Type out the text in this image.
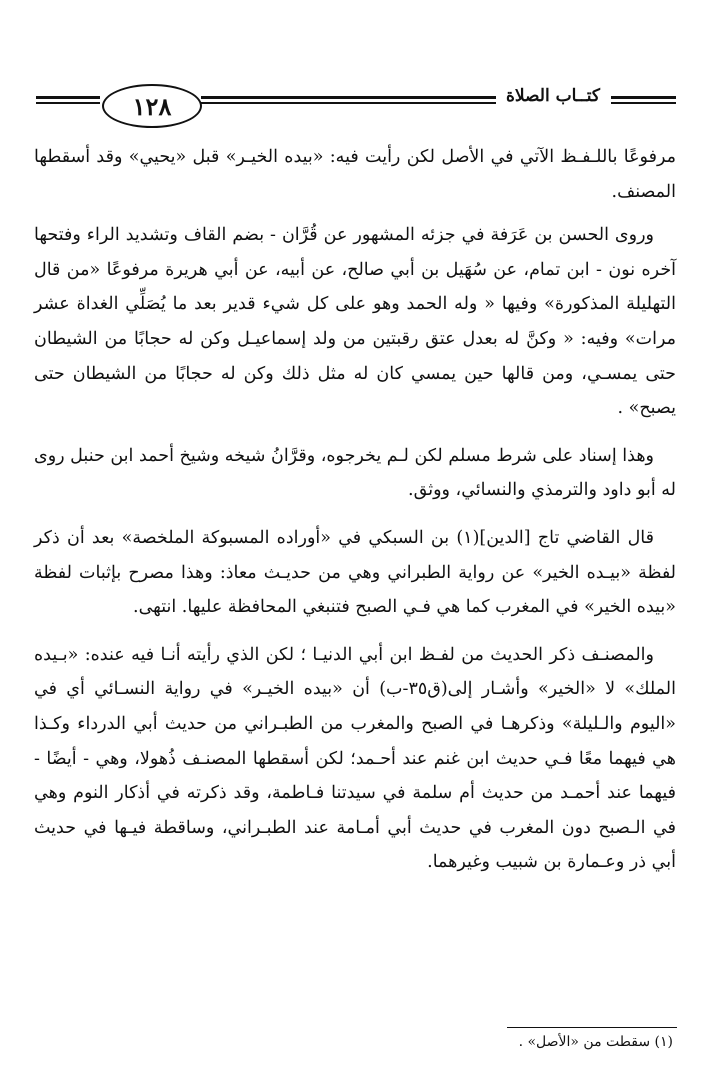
١٢٨	كتــاب الصلاة

مرفوعًا باللـفـظ الآتي في الأصل لكن رأيت فيه: «بيده الخيـر» قبل «يحيي» وقد أسقطها المصنف.

وروى الحسن بن عَرَفة في جزئه المشهور عن قُرَّان - بضم القاف وتشديد الراء وفتحها آخره نون - ابن تمام، عن سُهَيل بن أبي صالح، عن أبيه، عن أبي هريرة مرفوعًا «من قال التهليلة المذكورة» وفيها « وله الحمد وهو على كل شيء قدير بعد ما يُصَلِّي الغداة عشر مرات» وفيه: « وكنَّ له بعدل عتق رقبتين من ولد إسماعيـل وكن له حجابًا من الشيطان حتى يمسـي، ومن قالها حين يمسي كان له مثل ذلك وكن له حجابًا من الشيطان حتى يصبح» .

وهذا إسناد على شرط مسلم لكن لـم يخرجوه، وقرَّانُ شيخه وشيخ أحمد ابن حنبل روى له أبو داود والترمذي والنسائي، ووثق.

قال القاضي تاج [الدين](١) بن السبكي في «أوراده المسبوكة الملخصة» بعد أن ذكر لفظة «بيـده الخير» عن رواية الطبراني وهي من حديـث معاذ: وهذا مصرح بإثبات لفظة «بيده الخير» في المغرب كما هي فـي الصبح فتنبغي المحافظة عليها. انتهى.

والمصنـف ذكر الحديث من لفـظ ابن أبي الدنيـا ؛ لكن الذي رأيته أنـا فيه عنده: «بـيده الملك» لا «الخير» وأشـار إلى(ق٣٥-ب) أن «بيده الخيـر» في رواية النسـائي أي في «اليوم والـليلة» وذكرهـا في الصبح والمغرب من الطبـراني من حديث أبي الدرداء وكـذا هي فيهما معًا فـي حديث ابن غنم عند أحـمد؛ لكن أسقطها المصنـف ذُهولا، وهي - أيضًا - فيهما عند أحمـد من حديث أم سلمة في سيدتنا فـاطمة، وقد ذكرته في أذكار النوم وهي في الـصبح دون المغرب في حديث أبي أمـامة عند الطبـراني، وساقطة فيـها في حديث أبي ذر وعـمارة بن شبيب وغيرهما.

(١) سقطت من «الأصل» .
